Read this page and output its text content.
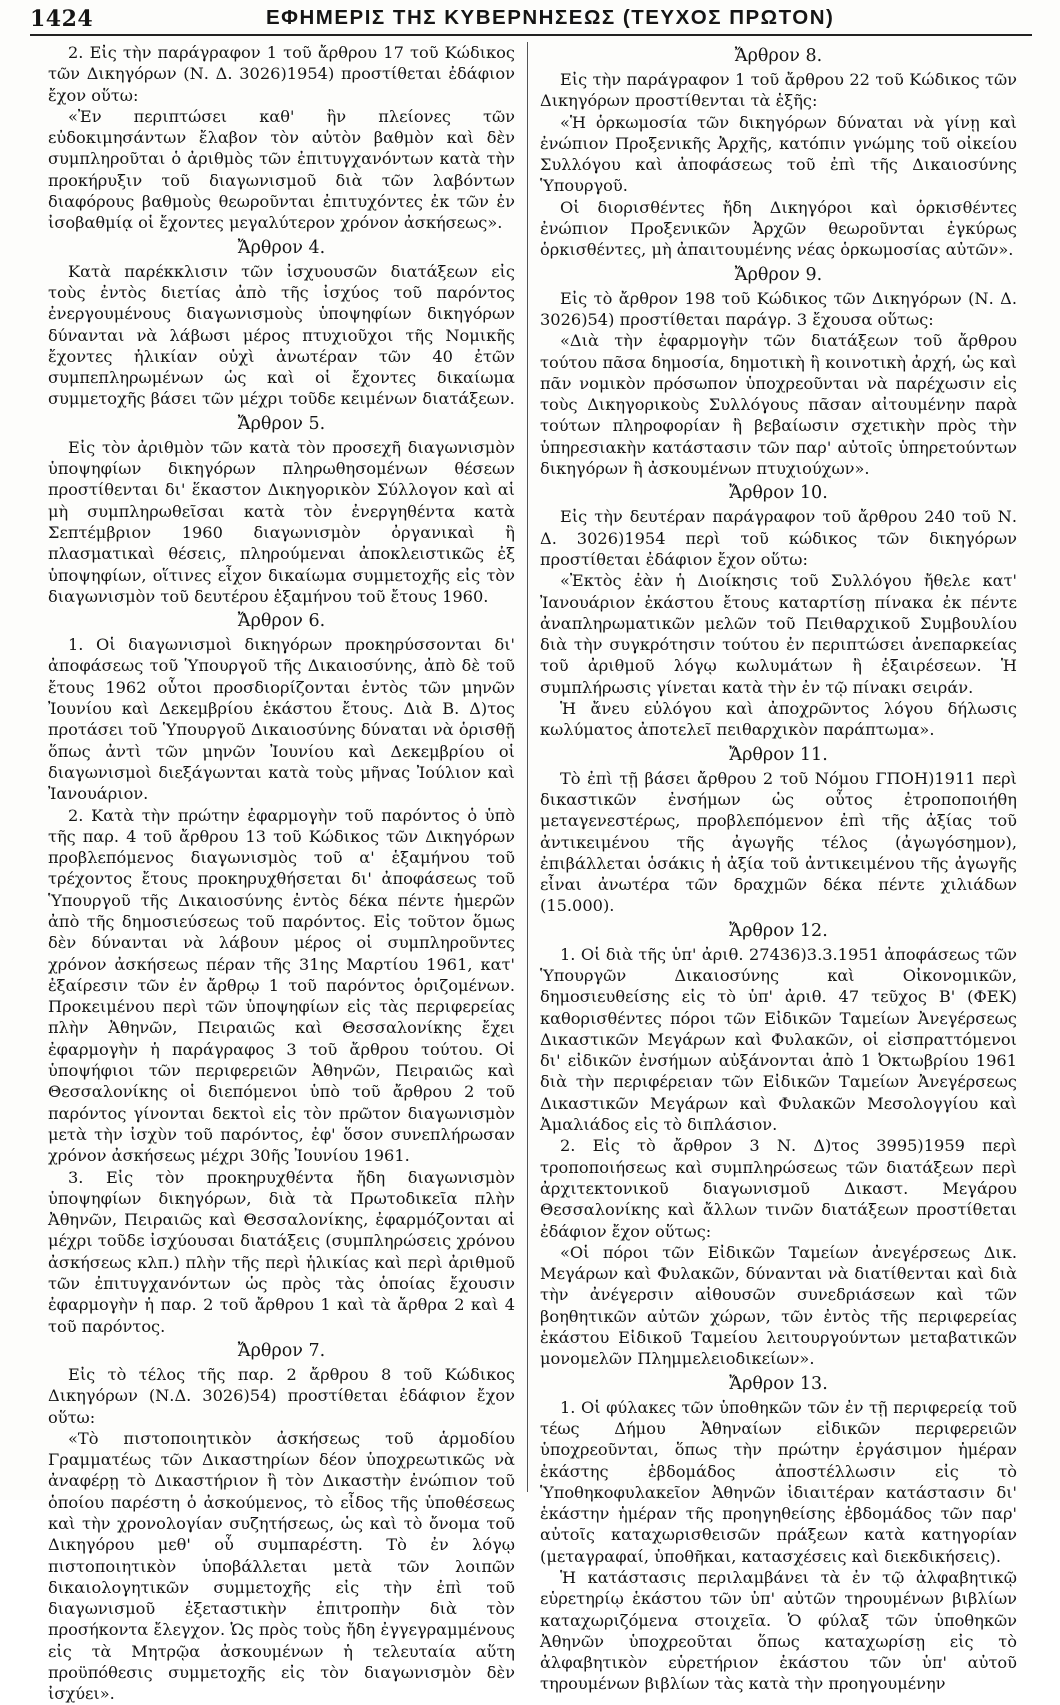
1424	ΕΦΗΜΕΡΙΣ ΤΗΣ ΚΥΒΕΡΝΗΣΕΩΣ (ΤΕΥΧΟΣ ΠΡΩΤΟΝ)

2. Εἰς τὴν παράγραφον 1 τοῦ ἄρθρου 17 τοῦ Κώδικος τῶν Δικηγόρων (Ν. Δ. 3026)1954) προστίθεται ἐδάφιον ἔχον οὕτω:

«Ἐν περιπτώσει καθ' ἣν πλείονες τῶν εὐδοκιμησάντων ἔλαβον τὸν αὐτὸν βαθμὸν καὶ δὲν συμπληροῦται ὁ ἀριθμὸς τῶν ἐπιτυγχανόντων κατὰ τὴν προκήρυξιν τοῦ διαγωνισμοῦ διὰ τῶν λαβόντων διαφόρους βαθμοὺς θεωροῦνται ἐπιτυχόντες ἐκ τῶν ἐν ἰσοβαθμίᾳ οἱ ἔχοντες μεγαλύτερον χρόνον ἀσκήσεως».

Ἄρθρον 4.

Κατὰ παρέκκλισιν τῶν ἰσχυουσῶν διατάξεων εἰς τοὺς ἐντὸς διετίας ἀπὸ τῆς ἰσχύος τοῦ παρόντος ἐνεργουμένους διαγωνισμοὺς ὑποψηφίων δικηγόρων δύνανται νὰ λάβωσι μέρος πτυχιοῦχοι τῆς Νομικῆς ἔχοντες ἡλικίαν οὐχὶ ἀνωτέραν τῶν 40 ἐτῶν συμπεπληρωμένων ὡς καὶ οἱ ἔχοντες δικαίωμα συμμετοχῆς βάσει τῶν μέχρι τοῦδε κειμένων διατάξεων.

Ἄρθρον 5.

Εἰς τὸν ἀριθμὸν τῶν κατὰ τὸν προσεχῆ διαγωνισμὸν ὑποψηφίων δικηγόρων πληρωθησομένων θέσεων προστίθενται δι' ἕκαστον Δικηγορικὸν Σύλλογον καὶ αἱ μὴ συμπληρωθεῖσαι κατὰ τὸν ἐνεργηθέντα κατὰ Σεπτέμβριον 1960 διαγωνισμὸν ὀργανικαὶ ἢ πλασματικαὶ θέσεις, πληρούμεναι ἀποκλειστικῶς ἐξ ὑποψηφίων, οἵτινες εἶχον δικαίωμα συμμετοχῆς εἰς τὸν διαγωνισμὸν τοῦ δευτέρου ἑξαμήνου τοῦ ἔτους 1960.

Ἄρθρον 6.

1. Οἱ διαγωνισμοὶ δικηγόρων προκηρύσσονται δι' ἀποφάσεως τοῦ Ὑπουργοῦ τῆς Δικαιοσύνης, ἀπὸ δὲ τοῦ ἔτους 1962 οὗτοι προσδιορίζονται ἐντὸς τῶν μηνῶν Ἰουνίου καὶ Δεκεμβρίου ἑκάστου ἔτους. Διὰ Β. Δ)τος προτάσει τοῦ Ὑπουργοῦ Δικαιοσύνης δύναται νὰ ὁρισθῇ ὅπως ἀντὶ τῶν μηνῶν Ἰουνίου καὶ Δεκεμβρίου οἱ διαγωνισμοὶ διεξάγωνται κατὰ τοὺς μῆνας Ἰούλιον καὶ Ἰανουάριον.

2. Κατὰ τὴν πρώτην ἐφαρμογὴν τοῦ παρόντος ὁ ὑπὸ τῆς παρ. 4 τοῦ ἄρθρου 13 τοῦ Κώδικος τῶν Δικηγόρων προβλεπόμενος διαγωνισμὸς τοῦ α' ἑξαμήνου τοῦ τρέχοντος ἔτους προκηρυχθήσεται δι' ἀποφάσεως τοῦ Ὑπουργοῦ τῆς Δικαιοσύνης ἐντὸς δέκα πέντε ἡμερῶν ἀπὸ τῆς δημοσιεύσεως τοῦ παρόντος. Εἰς τοῦτον ὅμως δὲν δύνανται νὰ λάβουν μέρος οἱ συμπληροῦντες χρόνον ἀσκήσεως πέραν τῆς 31ης Μαρτίου 1961, κατ' ἐξαίρεσιν τῶν ἐν ἄρθρῳ 1 τοῦ παρόντος ὁριζομένων. Προκειμένου περὶ τῶν ὑποψηφίων εἰς τὰς περιφερείας πλὴν Ἀθηνῶν, Πειραιῶς καὶ Θεσσαλονίκης ἔχει ἐφαρμογὴν ἡ παράγραφος 3 τοῦ ἄρθρου τούτου. Οἱ ὑποψήφιοι τῶν περιφερειῶν Ἀθηνῶν, Πειραιῶς καὶ Θεσσαλονίκης οἱ διεπόμενοι ὑπὸ τοῦ ἄρθρου 2 τοῦ παρόντος γίνονται δεκτοὶ εἰς τὸν πρῶτον διαγωνισμὸν μετὰ τὴν ἰσχὺν τοῦ παρόντος, ἐφ' ὅσον συνεπλήρωσαν χρόνον ἀσκήσεως μέχρι 30ῆς Ἰουνίου 1961.

3. Εἰς τὸν προκηρυχθέντα ἤδη διαγωνισμὸν ὑποψηφίων δικηγόρων, διὰ τὰ Πρωτοδικεῖα πλὴν Ἀθηνῶν, Πειραιῶς καὶ Θεσσαλονίκης, ἐφαρμόζονται αἱ μέχρι τοῦδε ἰσχύουσαι διατάξεις (συμπληρώσεις χρόνου ἀσκήσεως κλπ.) πλὴν τῆς περὶ ἡλικίας καὶ περὶ ἀριθμοῦ τῶν ἐπιτυγχανόντων ὡς πρὸς τὰς ὁποίας ἔχουσιν ἐφαρμογὴν ἡ παρ. 2 τοῦ ἄρθρου 1 καὶ τὰ ἄρθρα 2 καὶ 4 τοῦ παρόντος.

Ἄρθρον 7.

Εἰς τὸ τέλος τῆς παρ. 2 ἄρθρου 8 τοῦ Κώδικος Δικηγόρων (Ν.Δ. 3026)54) προστίθεται ἐδάφιον ἔχον οὕτω:

«Τὸ πιστοποιητικὸν ἀσκήσεως τοῦ ἁρμοδίου Γραμματέως τῶν Δικαστηρίων δέον ὑποχρεωτικῶς νὰ ἀναφέρῃ τὸ Δικαστήριον ἢ τὸν Δικαστὴν ἐνώπιον τοῦ ὁποίου παρέστη ὁ ἀσκούμενος, τὸ εἶδος τῆς ὑποθέσεως καὶ τὴν χρονολογίαν συζητήσεως, ὡς καὶ τὸ ὄνομα τοῦ Δικηγόρου μεθ' οὗ συμπαρέστη. Τὸ ἐν λόγῳ πιστοποιητικὸν ὑποβάλλεται μετὰ τῶν λοιπῶν δικαιολογητικῶν συμμετοχῆς εἰς τὴν ἐπὶ τοῦ διαγωνισμοῦ ἐξεταστικὴν ἐπιτροπὴν διὰ τὸν προσήκοντα ἔλεγχον. Ὡς πρὸς τοὺς ἤδη ἐγγεγραμμένους εἰς τὰ Μητρῷα ἀσκουμένων ἡ τελευταία αὕτη προϋπόθεσις συμμετοχῆς εἰς τὸν διαγωνισμὸν δὲν ἰσχύει».

Ἄρθρον 8.

Εἰς τὴν παράγραφον 1 τοῦ ἄρθρου 22 τοῦ Κώδικος τῶν Δικηγόρων προστίθενται τὰ ἑξῆς:

«Ἡ ὁρκωμοσία τῶν δικηγόρων δύναται νὰ γίνῃ καὶ ἐνώπιον Προξενικῆς Ἀρχῆς, κατόπιν γνώμης τοῦ οἰκείου Συλλόγου καὶ ἀποφάσεως τοῦ ἐπὶ τῆς Δικαιοσύνης Ὑπουργοῦ.

Οἱ διορισθέντες ἤδη Δικηγόροι καὶ ὁρκισθέντες ἐνώπιον Προξενικῶν Ἀρχῶν θεωροῦνται ἐγκύρως ὁρκισθέντες, μὴ ἀπαιτουμένης νέας ὁρκωμοσίας αὐτῶν».

Ἄρθρον 9.

Εἰς τὸ ἄρθρον 198 τοῦ Κώδικος τῶν Δικηγόρων (Ν. Δ. 3026)54) προστίθεται παράγρ. 3 ἔχουσα οὕτως:

«Διὰ τὴν ἐφαρμογὴν τῶν διατάξεων τοῦ ἄρθρου τούτου πᾶσα δημοσία, δημοτικὴ ἢ κοινοτικὴ ἀρχή, ὡς καὶ πᾶν νομικὸν πρόσωπον ὑποχρεοῦνται νὰ παρέχωσιν εἰς τοὺς Δικηγορικοὺς Συλλόγους πᾶσαν αἰτουμένην παρὰ τούτων πληροφορίαν ἢ βεβαίωσιν σχετικὴν πρὸς τὴν ὑπηρεσιακὴν κατάστασιν τῶν παρ' αὐτοῖς ὑπηρετούντων δικηγόρων ἢ ἀσκουμένων πτυχιούχων».

Ἄρθρον 10.

Εἰς τὴν δευτέραν παράγραφον τοῦ ἄρθρου 240 τοῦ Ν. Δ. 3026)1954 περὶ τοῦ κώδικος τῶν δικηγόρων προστίθεται ἐδάφιον ἔχον οὕτω:

«Ἐκτὸς ἐὰν ἡ Διοίκησις τοῦ Συλλόγου ἤθελε κατ' Ἰανουάριον ἑκάστου ἔτους καταρτίσῃ πίνακα ἐκ πέντε ἀναπληρωματικῶν μελῶν τοῦ Πειθαρχικοῦ Συμβουλίου διὰ τὴν συγκρότησιν τούτου ἐν περιπτώσει ἀνεπαρκείας τοῦ ἀριθμοῦ λόγῳ κωλυμάτων ἢ ἐξαιρέσεων. Ἡ συμπλήρωσις γίνεται κατὰ τὴν ἐν τῷ πίνακι σειράν.

Ἡ ἄνευ εὐλόγου καὶ ἀποχρῶντος λόγου δήλωσις κωλύματος ἀποτελεῖ πειθαρχικὸν παράπτωμα».

Ἄρθρον 11.

Τὸ ἐπὶ τῇ βάσει ἄρθρου 2 τοῦ Νόμου ΓΠΟΗ)1911 περὶ δικαστικῶν ἐνσήμων ὡς οὗτος ἐτροποποιήθη μεταγενεστέρως, προβλεπόμενον ἐπὶ τῆς ἀξίας τοῦ ἀντικειμένου τῆς ἀγωγῆς τέλος (ἀγωγόσημον), ἐπιβάλλεται ὁσάκις ἡ ἀξία τοῦ ἀντικειμένου τῆς ἀγωγῆς εἶναι ἀνωτέρα τῶν δραχμῶν δέκα πέντε χιλιάδων (15.000).

Ἄρθρον 12.

1. Οἱ διὰ τῆς ὑπ' ἀριθ. 27436)3.3.1951 ἀποφάσεως τῶν Ὑπουργῶν Δικαιοσύνης καὶ Οἰκονομικῶν, δημοσιευθείσης εἰς τὸ ὑπ' ἀριθ. 47 τεῦχος Β' (ΦΕΚ) καθορισθέντες πόροι τῶν Εἰδικῶν Ταμείων Ἀνεγέρσεως Δικαστικῶν Μεγάρων καὶ Φυλακῶν, οἱ εἰσπραττόμενοι δι' εἰδικῶν ἐνσήμων αὐξάνονται ἀπὸ 1 Ὀκτωβρίου 1961 διὰ τὴν περιφέρειαν τῶν Εἰδικῶν Ταμείων Ἀνεγέρσεως Δικαστικῶν Μεγάρων καὶ Φυλακῶν Μεσολογγίου καὶ Ἀμαλιάδος εἰς τὸ διπλάσιον.

2. Εἰς τὸ ἄρθρον 3 Ν. Δ)τος 3995)1959 περὶ τροποποιήσεως καὶ συμπληρώσεως τῶν διατάξεων περὶ ἀρχιτεκτονικοῦ διαγωνισμοῦ Δικαστ. Μεγάρου Θεσσαλονίκης καὶ ἄλλων τινῶν διατάξεων προστίθεται ἐδάφιον ἔχον οὕτως:

«Οἱ πόροι τῶν Εἰδικῶν Ταμείων ἀνεγέρσεως Δικ. Μεγάρων καὶ Φυλακῶν, δύνανται νὰ διατίθενται καὶ διὰ τὴν ἀνέγερσιν αἰθουσῶν συνεδριάσεων καὶ τῶν βοηθητικῶν αὐτῶν χώρων, τῶν ἐντὸς τῆς περιφερείας ἑκάστου Εἰδικοῦ Ταμείου λειτουργούντων μεταβατικῶν μονομελῶν Πλημμελειοδικείων».

Ἄρθρον 13.

1. Οἱ φύλακες τῶν ὑποθηκῶν τῶν ἐν τῇ περιφερείᾳ τοῦ τέως Δήμου Ἀθηναίων εἰδικῶν περιφερειῶν ὑποχρεοῦνται, ὅπως τὴν πρώτην ἐργάσιμον ἡμέραν ἑκάστης ἑβδομάδος ἀποστέλλωσιν εἰς τὸ Ὑποθηκοφυλακεῖον Ἀθηνῶν ἰδιαιτέραν κατάστασιν δι' ἑκάστην ἡμέραν τῆς προηγηθείσης ἑβδομάδος τῶν παρ' αὐτοῖς καταχωρισθεισῶν πράξεων κατὰ κατηγορίαν (μεταγραφαί, ὑποθῆκαι, κατασχέσεις καὶ διεκδικήσεις).

Ἡ κατάστασις περιλαμβάνει τὰ ἐν τῷ ἀλφαβητικῷ εὑρετηρίῳ ἑκάστου τῶν ὑπ' αὐτῶν τηρουμένων βιβλίων καταχωριζόμενα στοιχεῖα. Ὁ φύλαξ τῶν ὑποθηκῶν Ἀθηνῶν ὑποχρεοῦται ὅπως καταχωρίσῃ εἰς τὸ ἀλφαβητικὸν εὑρετήριον ἑκάστου τῶν ὑπ' αὐτοῦ τηρουμένων βιβλίων τὰς κατὰ τὴν προηγουμένην
